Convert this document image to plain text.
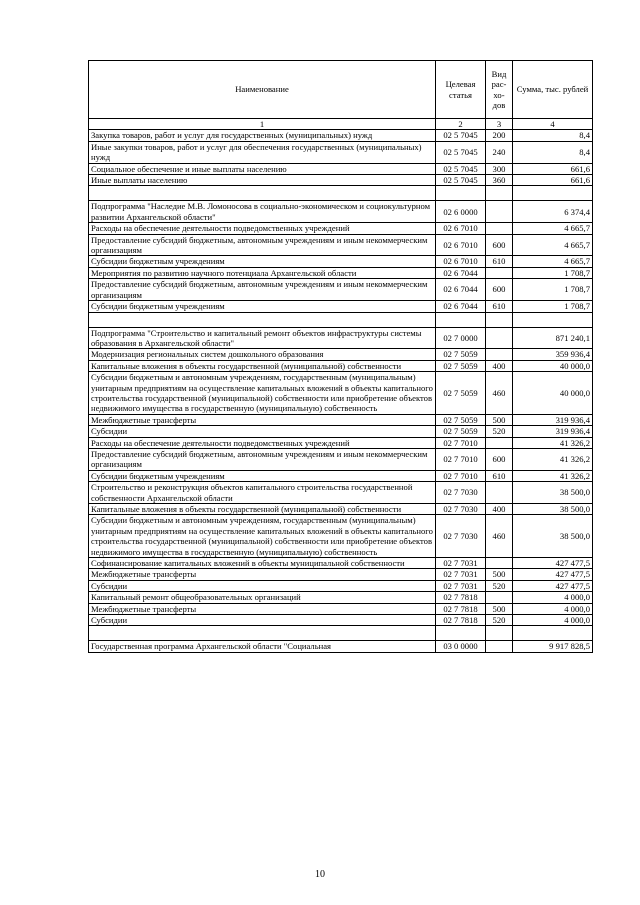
Наименование	Целевая статья	Вид рас-хо-дов	Сумма, тыс. рублей
1	2	3	4
Закупка товаров, работ и услуг для государственных (муниципальных) нужд	02 5 7045	200	8,4
Иные закупки товаров, работ и услуг для обеспечения государственных (муниципальных) нужд	02 5 7045	240	8,4
Социальное обеспечение и иные выплаты населению	02 5 7045	300	661,6
Иные выплаты населению	02 5 7045	360	661,6

Подпрограмма "Наследие М.В. Ломоносова в социально-экономическом и социокультурном развитии Архангельской области"	02 6 0000		6 374,4
Расходы на обеспечение деятельности подведомственных учреждений	02 6 7010		4 665,7
Предоставление субсидий бюджетным, автономным учреждениям и иным некоммерческим организациям	02 6 7010	600	4 665,7
Субсидии бюджетным учреждениям	02 6 7010	610	4 665,7
Мероприятия по развитию научного потенциала Архангельской области	02 6 7044		1 708,7
Предоставление субсидий бюджетным, автономным учреждениям и иным некоммерческим организациям	02 6 7044	600	1 708,7
Субсидии бюджетным учреждениям	02 6 7044	610	1 708,7

Подпрограмма "Строительство и капитальный ремонт объектов инфраструктуры системы образования в Архангельской области"	02 7 0000		871 240,1
Модернизация региональных систем дошкольного образования	02 7 5059		359 936,4
Капитальные вложения в объекты государственной (муниципальной) собственности	02 7 5059	400	40 000,0
Субсидии бюджетным и автономным учреждениям, государственным (муниципальным) унитарным предприятиям на осуществление капитальных вложений в объекты капитального строительства государственной (муниципальной) собственности или приобретение объектов недвижимого имущества в государственную (муниципальную) собственность	02 7 5059	460	40 000,0
Межбюджетные трансферты	02 7 5059	500	319 936,4
Субсидии	02 7 5059	520	319 936,4
Расходы на обеспечение деятельности подведомственных учреждений	02 7 7010		41 326,2
Предоставление субсидий бюджетным, автономным учреждениям и иным некоммерческим организациям	02 7 7010	600	41 326,2
Субсидии бюджетным учреждениям	02 7 7010	610	41 326,2
Строительство и реконструкция объектов капитального строительства государственной собственности Архангельской области	02 7 7030		38 500,0
Капитальные вложения в объекты государственной (муниципальной) собственности	02 7 7030	400	38 500,0
Субсидии бюджетным и автономным учреждениям, государственным (муниципальным) унитарным предприятиям на осуществление капитальных вложений в объекты капитального строительства государственной (муниципальной) собственности или приобретение объектов недвижимого имущества в государственную (муниципальную) собственность	02 7 7030	460	38 500,0
Софинансирование капитальных вложений в объекты муниципальной собственности	02 7 7031		427 477,5
Межбюджетные трансферты	02 7 7031	500	427 477,5
Субсидии	02 7 7031	520	427 477,5
Капитальный ремонт общеобразовательных организаций	02 7 7818		4 000,0
Межбюджетные трансферты	02 7 7818	500	4 000,0
Субсидии	02 7 7818	520	4 000,0

Государственная программа Архангельской области "Социальная	03 0 0000		9 917 828,5
10
